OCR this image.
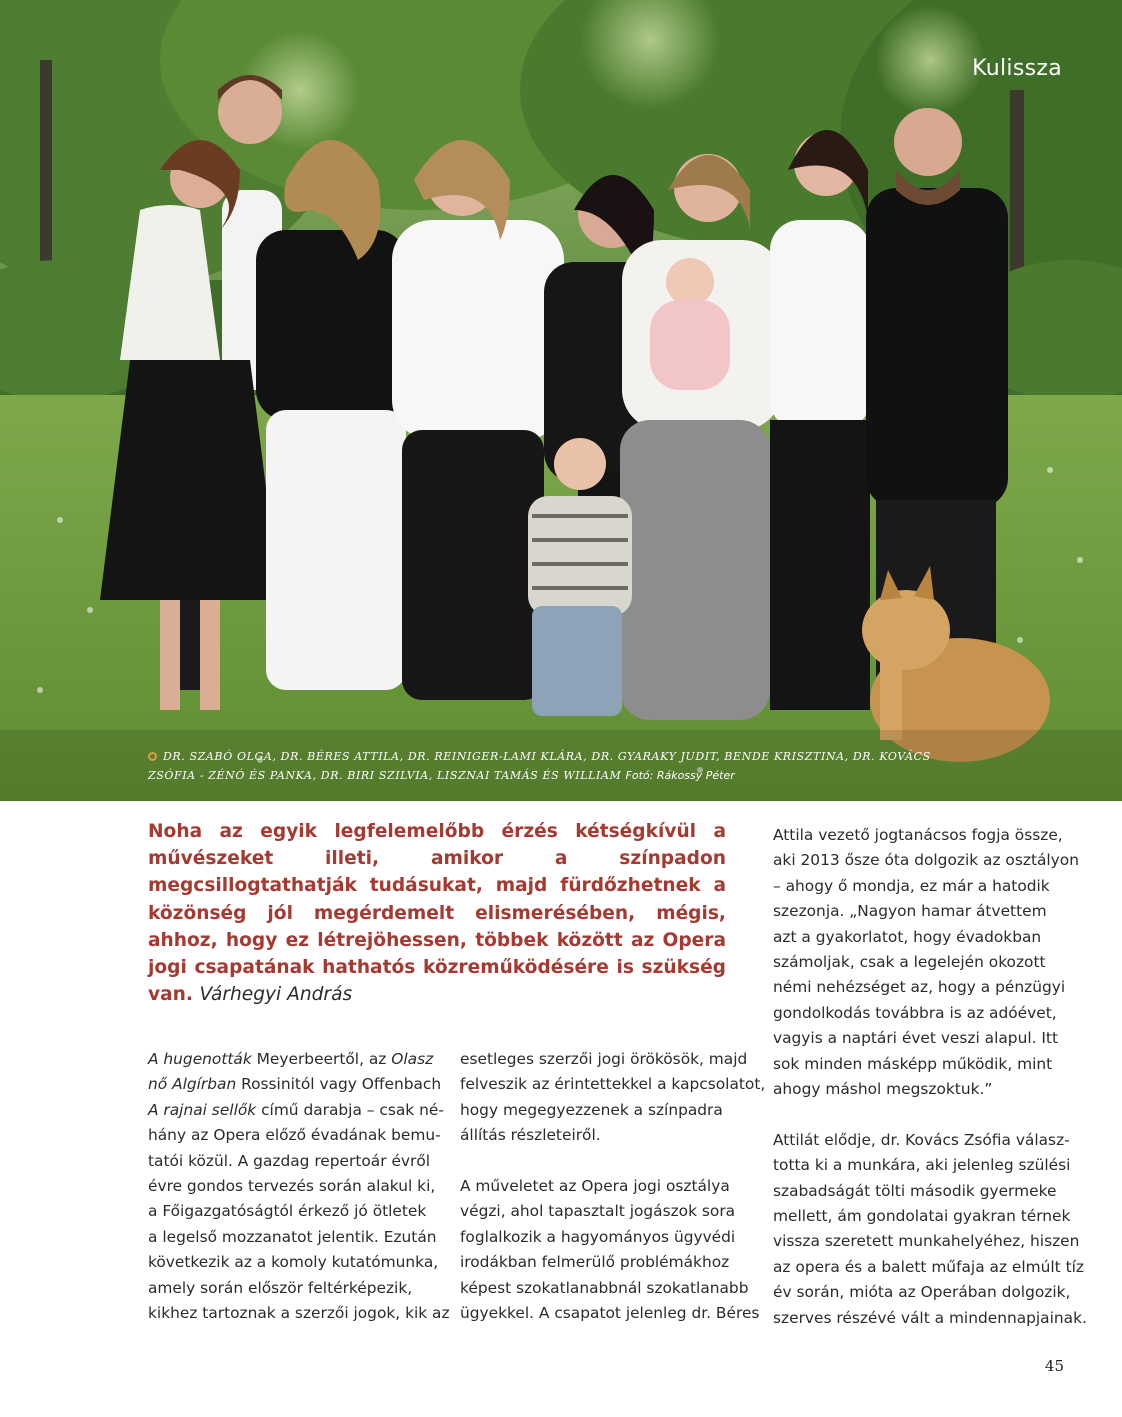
Kulissza
DR. SZABÓ OLGA, DR. BÉRES ATTILA, DR. REINIGER-LAMI KLÁRA, DR. GYARAKY JUDIT, BENDE KRISZTINA, DR. KOVÁCS ZSÓFIA - ZÉNÓ ÉS PANKA, DR. BIRI SZILVIA, LISZNAI TAMÁS ÉS WILLIAM Fotó: Rákossy Péter
Noha az egyik legfelemelőbb érzés kétségkívül a művészeket illeti, amikor a színpadon megcsillogtathatják tudásukat, majd fürdőzhetnek a közönség jól megérdemelt elismerésében, mégis, ahhoz, hogy ez létrejöhessen, többek között az Opera jogi csapatának hathatós közreműködésére is szükség van. Várhegyi András

A hugenották Meyerbeertől, az Olasz

nő Algírban Rossinitól vagy Offenbach

A rajnai sellők című darabja – csak né-

hány az Opera előző évadának bemu-

tatói közül. A gazdag repertoár évről

évre gondos tervezés során alakul ki,

a Főigazgatóságtól érkező jó ötletek

a legelső mozzanatot jelentik. Ezután

következik az a komoly kutatómunka,

amely során először feltérképezik,

kikhez tartoznak a szerzői jogok, kik az

esetleges szerzői jogi örökösök, majd

felveszik az érintettekkel a kapcsolatot,

hogy megegyezzenek a színpadra

állítás részleteiről.

A műveletet az Opera jogi osztálya

végzi, ahol tapasztalt jogászok sora

foglalkozik a hagyományos ügyvédi

irodákban felmerülő problémákhoz

képest szokatlanabbnál szokatlanabb

ügyekkel. A csapatot jelenleg dr. Béres

Attila vezető jogtanácsos fogja össze,

aki 2013 ősze óta dolgozik az osztályon

– ahogy ő mondja, ez már a hatodik

szezonja. „Nagyon hamar átvettem

azt a gyakorlatot, hogy évadokban

számoljak, csak a legelején okozott

némi nehézséget az, hogy a pénzügyi

gondolkodás továbbra is az adóévet,

vagyis a naptári évet veszi alapul. Itt

sok minden másképp működik, mint

ahogy máshol megszoktuk.”

Attilát elődje, dr. Kovács Zsófia válasz-

totta ki a munkára, aki jelenleg szülési

szabadságát tölti második gyermeke

mellett, ám gondolatai gyakran térnek

vissza szeretett munkahelyéhez, hiszen

az opera és a balett műfaja az elmúlt tíz

év során, mióta az Operában dolgozik,

szerves részévé vált a mindennapjainak.

45
